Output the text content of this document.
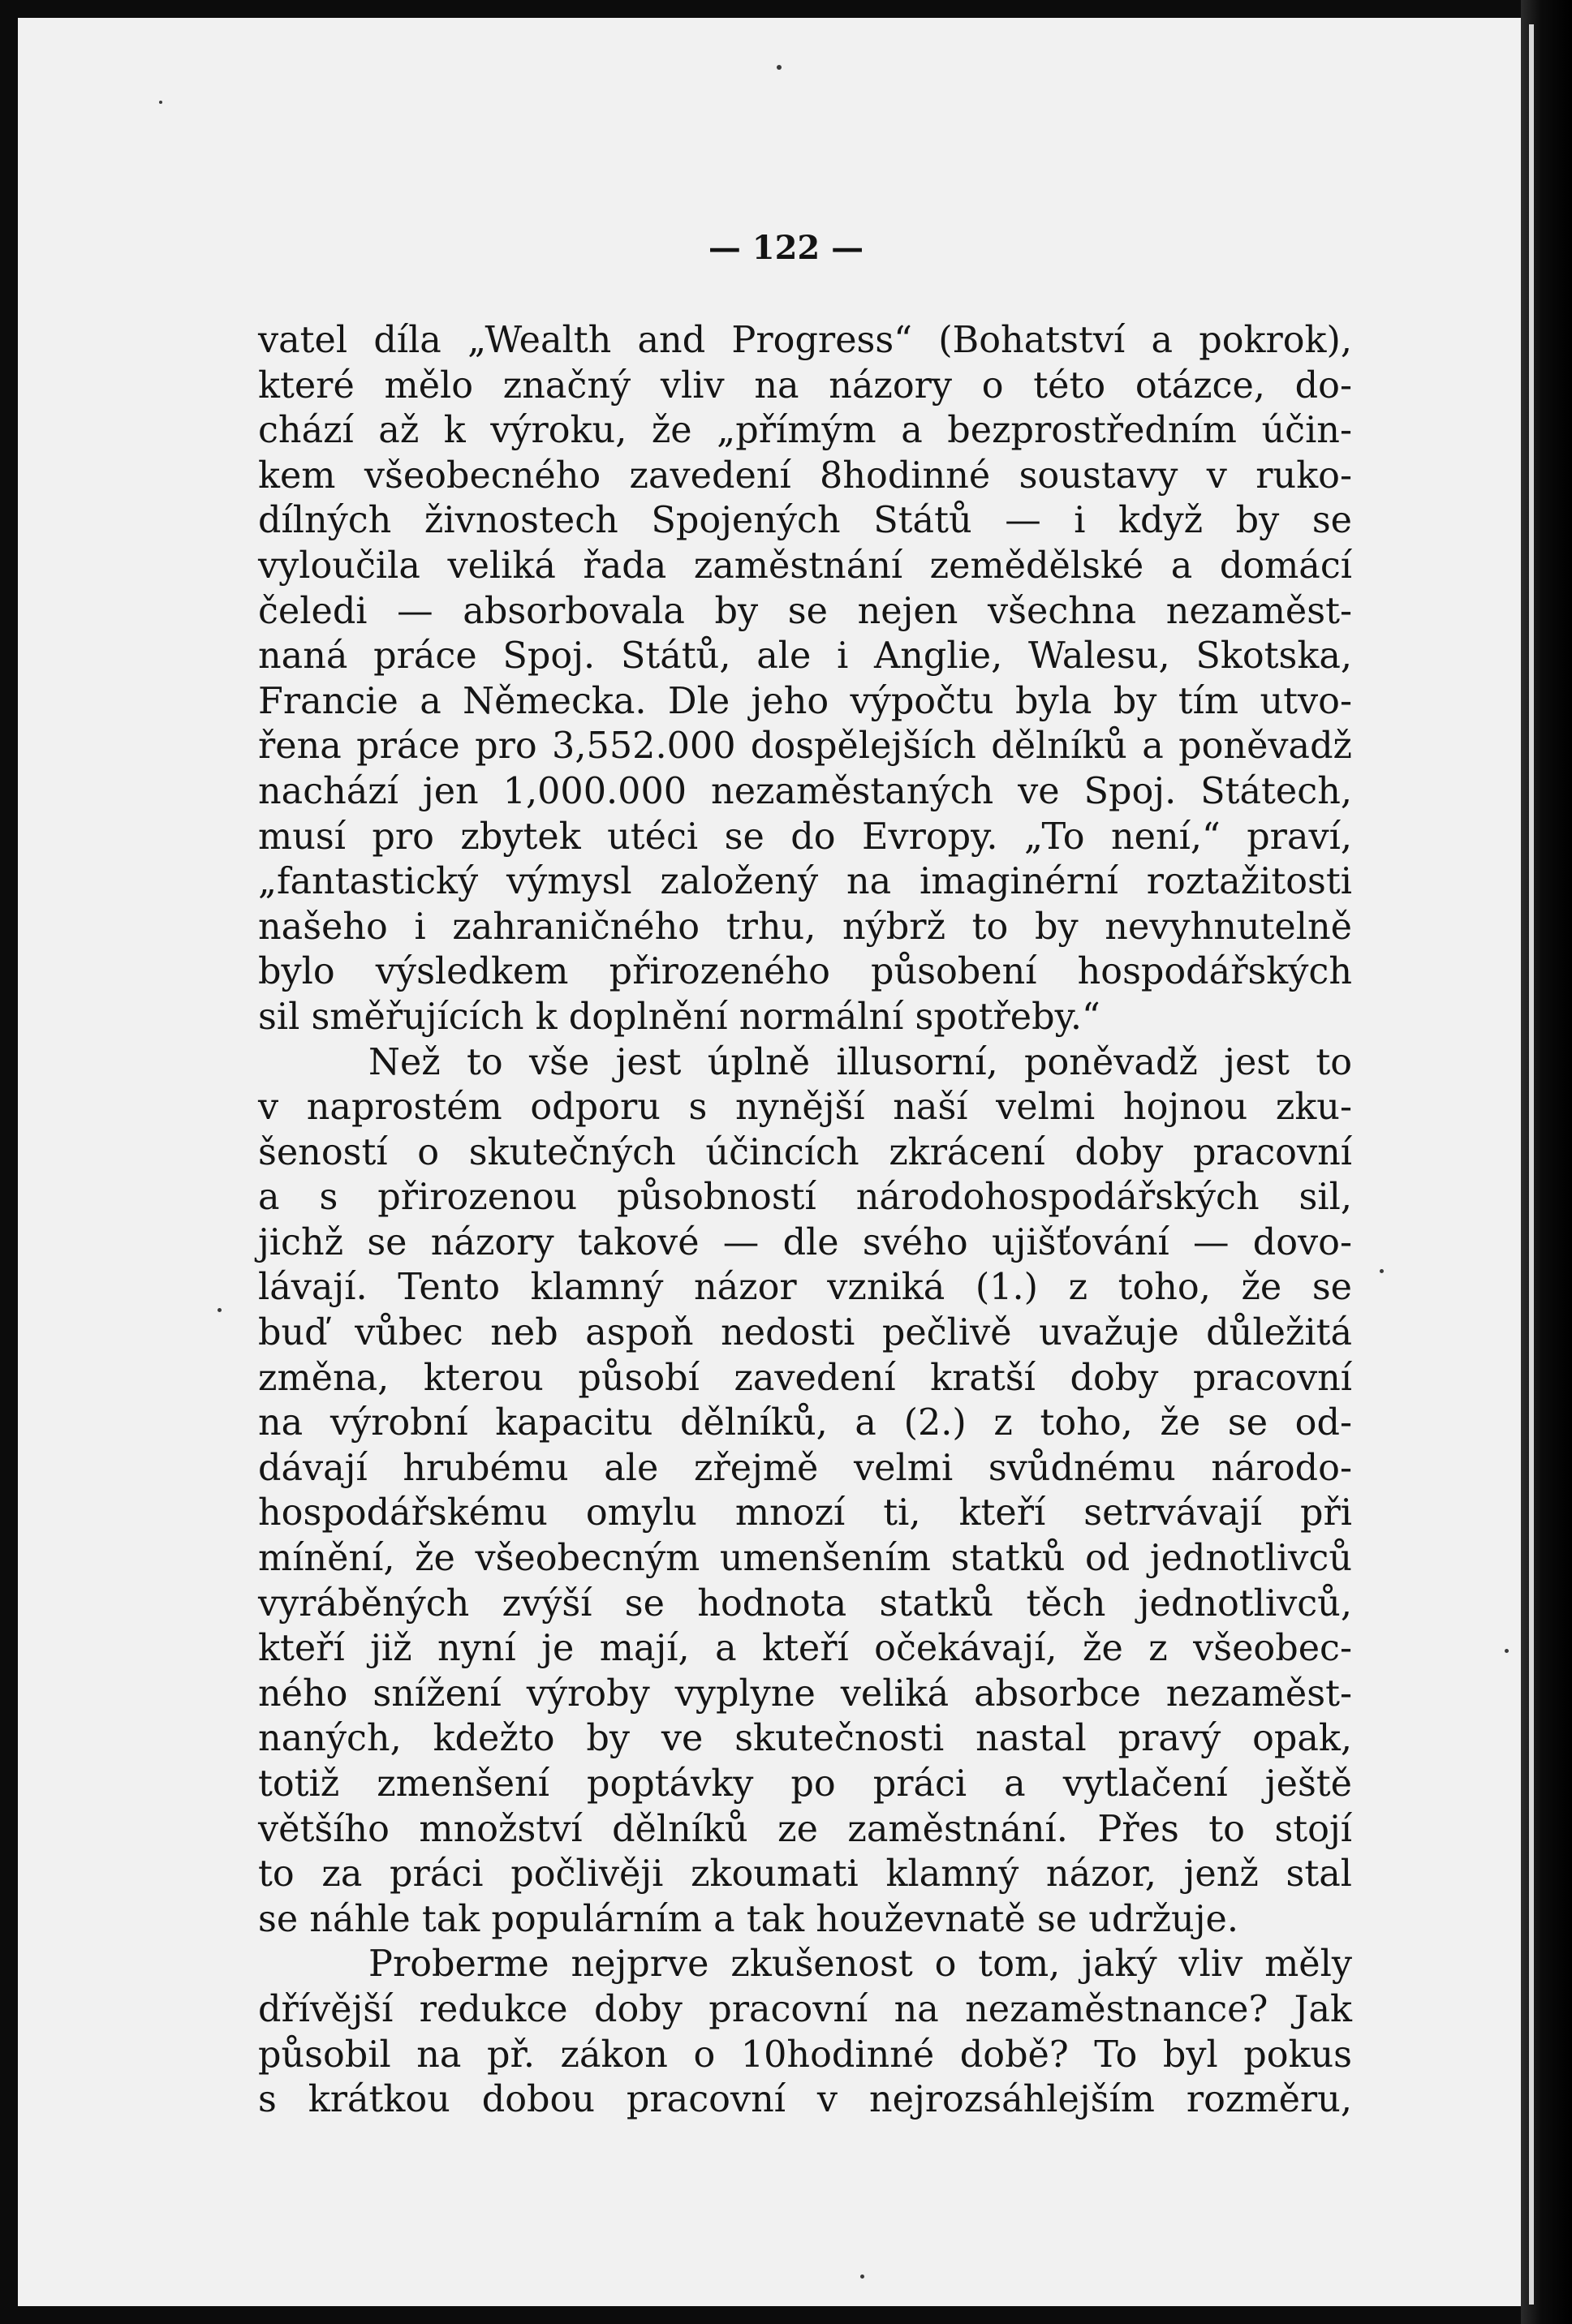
— 122 —
vatel díla „Wealth and Progress“ (Bohatství a pokrok),
které mělo značný vliv na názory o této otázce, do-
chází až k výroku, že „přímým a bezprostředním účin-
kem všeobecného zavedení 8hodinné soustavy v ruko-
dílných živnostech Spojených Států — i když by se
vyloučila veliká řada zaměstnání zemědělské a domácí
čeledi — absorbovala by se nejen všechna nezaměst-
naná práce Spoj. Států, ale i Anglie, Walesu, Skotska,
Francie a Německa. Dle jeho výpočtu byla by tím utvo-
řena práce pro 3,552.000 dospělejších dělníků a poněvadž
nachází jen 1,000.000 nezaměstaných ve Spoj. Státech,
musí pro zbytek utéci se do Evropy. „To není,“ praví,
„fantastický výmysl založený na imaginérní roztažitosti
našeho i zahraničného trhu, nýbrž to by nevyhnutelně
bylo výsledkem přirozeného působení hospodářských
sil směřujících k doplnění normální spotřeby.“
Než to vše jest úplně illusorní, poněvadž jest to
v naprostém odporu s nynější naší velmi hojnou zku-
šeností o skutečných účincích zkrácení doby pracovní
a s přirozenou působností národohospodářských sil,
jichž se názory takové — dle svého ujišťování — dovo-
lávají. Tento klamný názor vzniká (1.) z toho, že se
buď vůbec neb aspoň nedosti pečlivě uvažuje důležitá
změna, kterou působí zavedení kratší doby pracovní
na výrobní kapacitu dělníků, a (2.) z toho, že se od-
dávají hrubému ale zřejmě velmi svůdnému národo-
hospodářskému omylu mnozí ti, kteří setrvávají při
mínění, že všeobecným umenšením statků od jednotlivců
vyráběných zvýší se hodnota statků těch jednotlivců,
kteří již nyní je mají, a kteří očekávají, že z všeobec-
ného snížení výroby vyplyne veliká absorbce nezaměst-
naných, kdežto by ve skutečnosti nastal pravý opak,
totiž zmenšení poptávky po práci a vytlačení ještě
většího množství dělníků ze zaměstnání. Přes to stojí
to za práci počlivěji zkoumati klamný názor, jenž stal
se náhle tak populárním a tak houževnatě se udržuje.
Proberme nejprve zkušenost o tom, jaký vliv měly
dřívější redukce doby pracovní na nezaměstnance? Jak
působil na př. zákon o 10hodinné době? To byl pokus
s krátkou dobou pracovní v nejrozsáhlejším rozměru,
